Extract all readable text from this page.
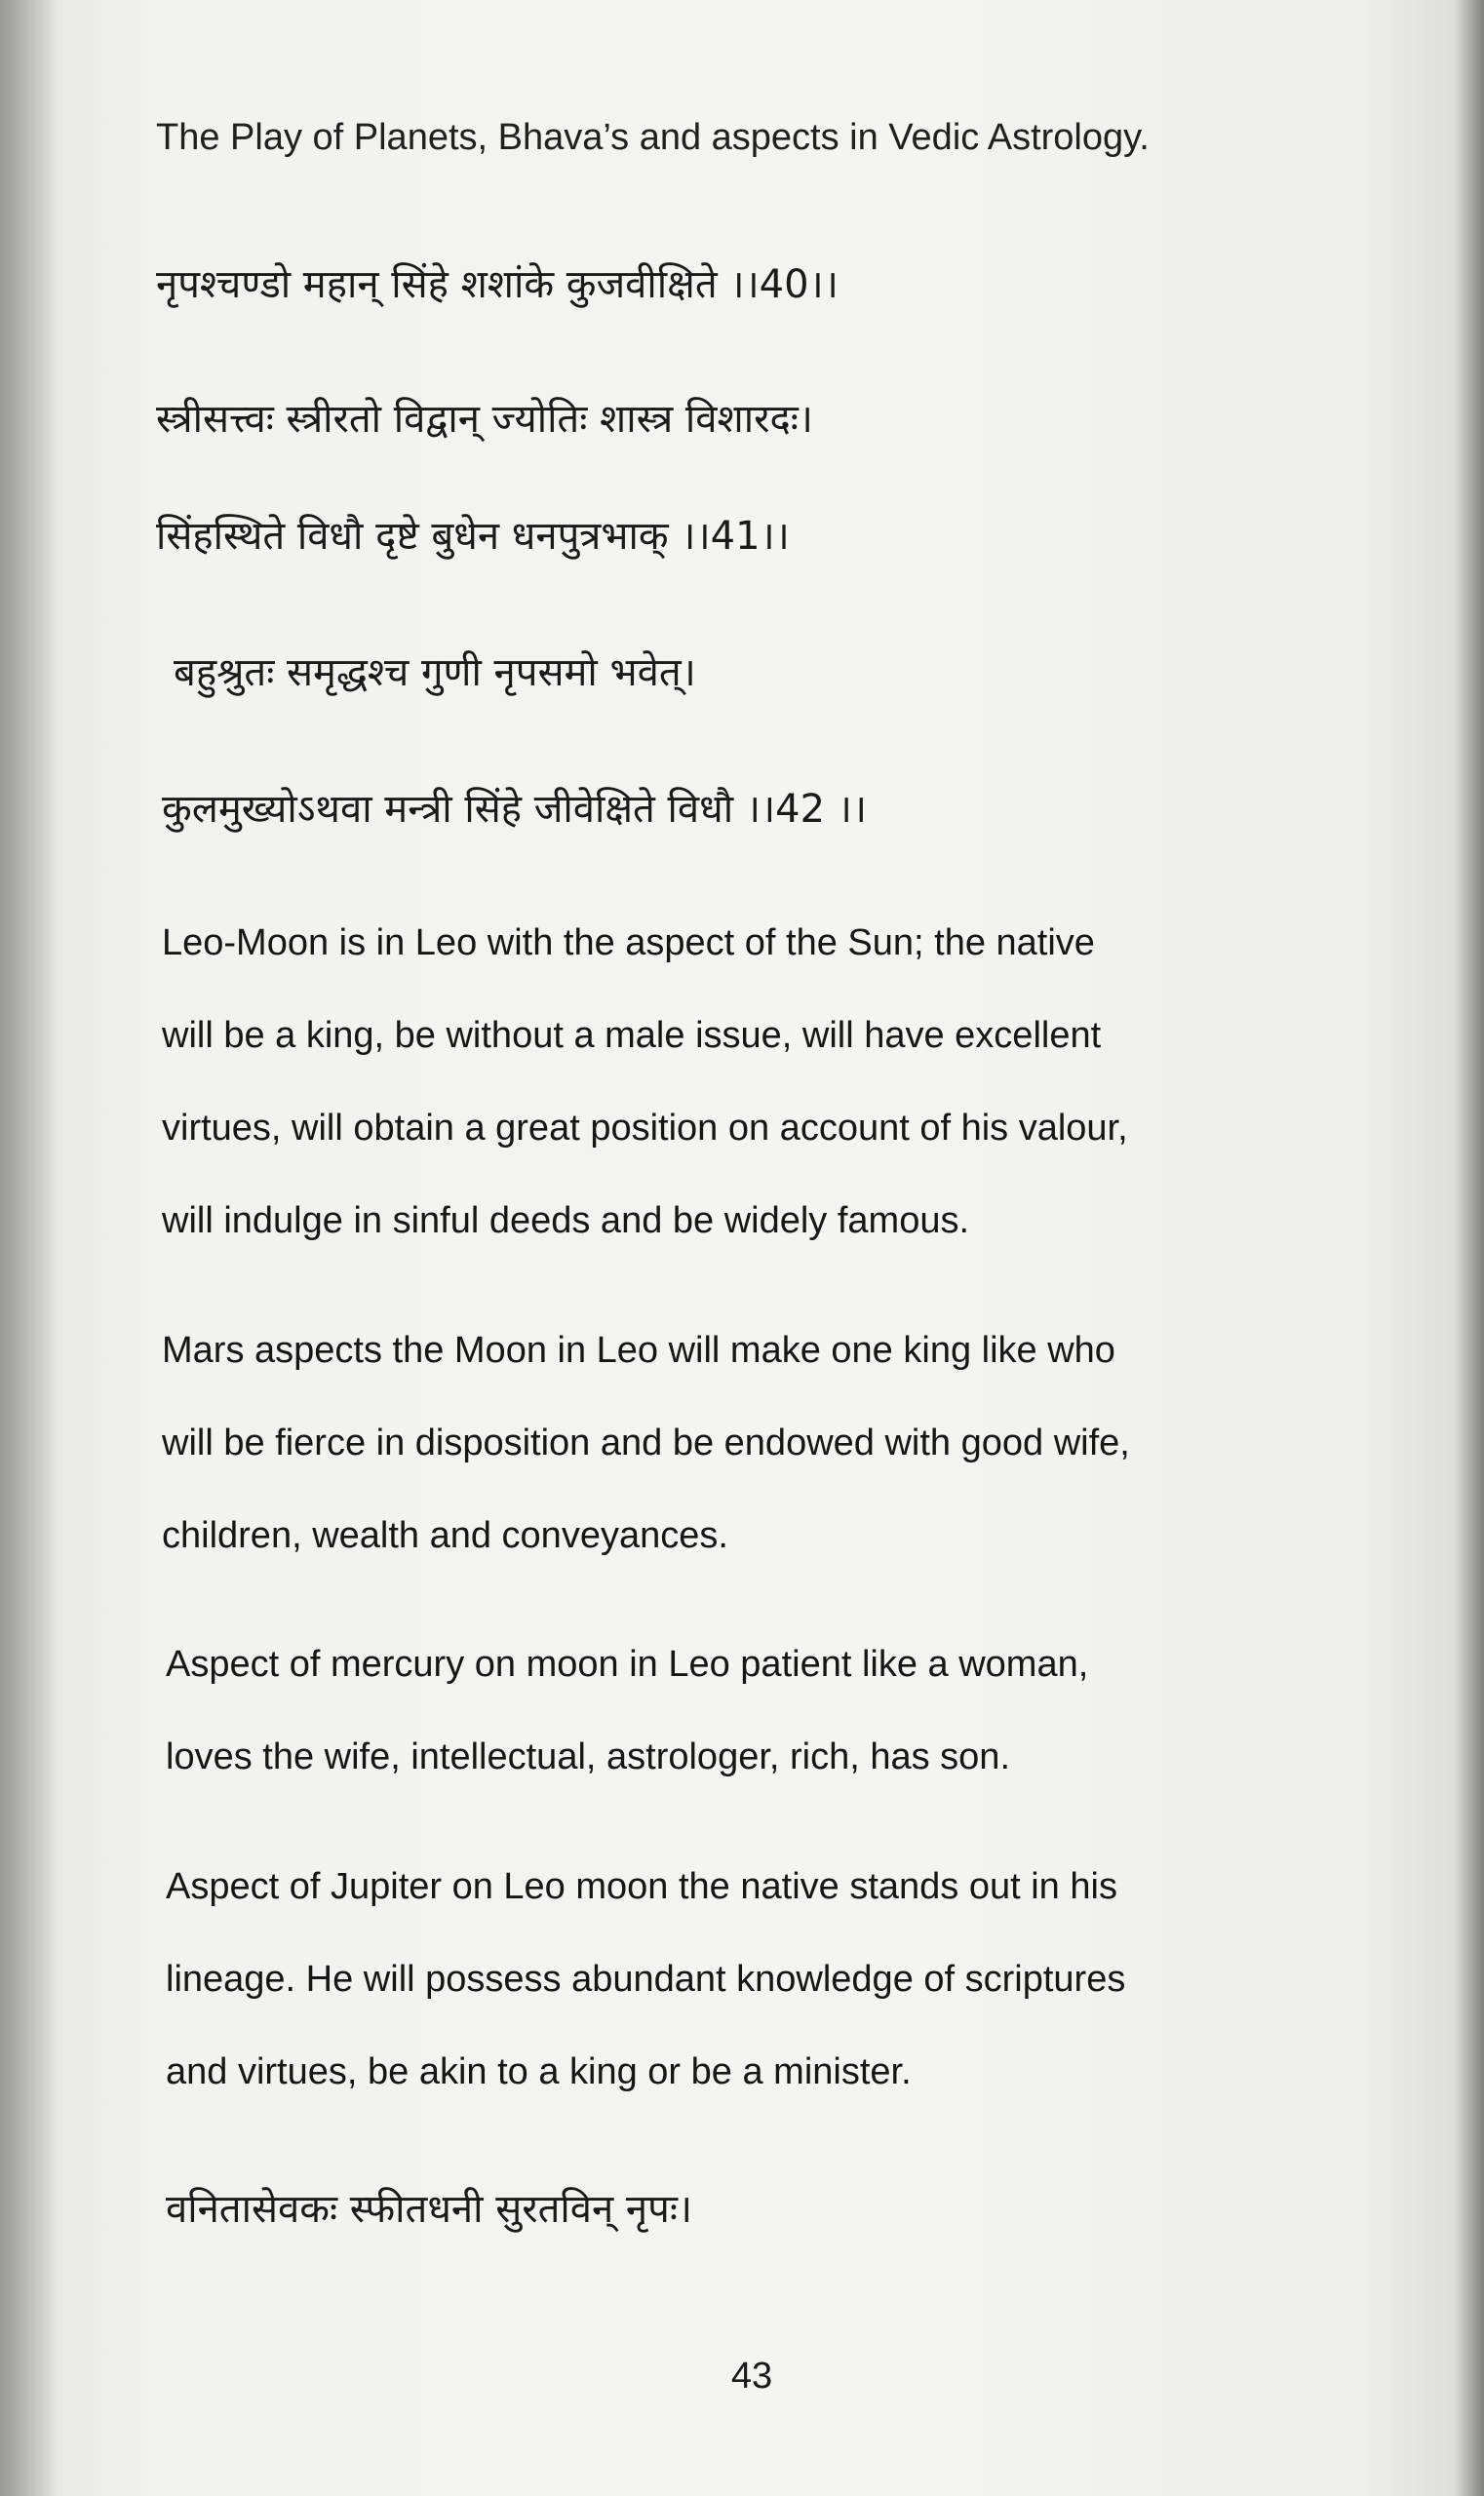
The Play of Planets, Bhava’s and aspects in Vedic Astrology.

नृपश्चण्डो महान् सिंहे शशांके कुजवीक्षिते ।।40।।

स्त्रीसत्त्वः स्त्रीरतो विद्वान् ज्योतिः शास्त्र विशारदः।

सिंहस्थिते विधौ दृष्टे बुधेन धनपुत्रभाक् ।।41।।

बहुश्रुतः समृद्धश्च गुणी नृपसमो भवेत्।

कुलमुख्योऽथवा मन्त्री सिंहे जीवेक्षिते विधौ ।।42 ।।

Leo-Moon is in Leo with the aspect of the Sun; the native
will be a king, be without a male issue, will have excellent
virtues, will obtain a great position on account of his valour,
will indulge in sinful deeds and be widely famous.
Mars aspects the Moon in Leo will make one king like who
will be fierce in disposition and be endowed with good wife,
children, wealth and conveyances.
Aspect of mercury on moon in Leo patient like a woman,
loves the wife, intellectual, astrologer, rich, has son.
Aspect of Jupiter on Leo moon the native stands out in his
lineage. He will possess abundant knowledge of scriptures
and virtues, be akin to a king or be a minister.

वनितासेवकः स्फीतधनी सुरतविन् नृपः।

43
